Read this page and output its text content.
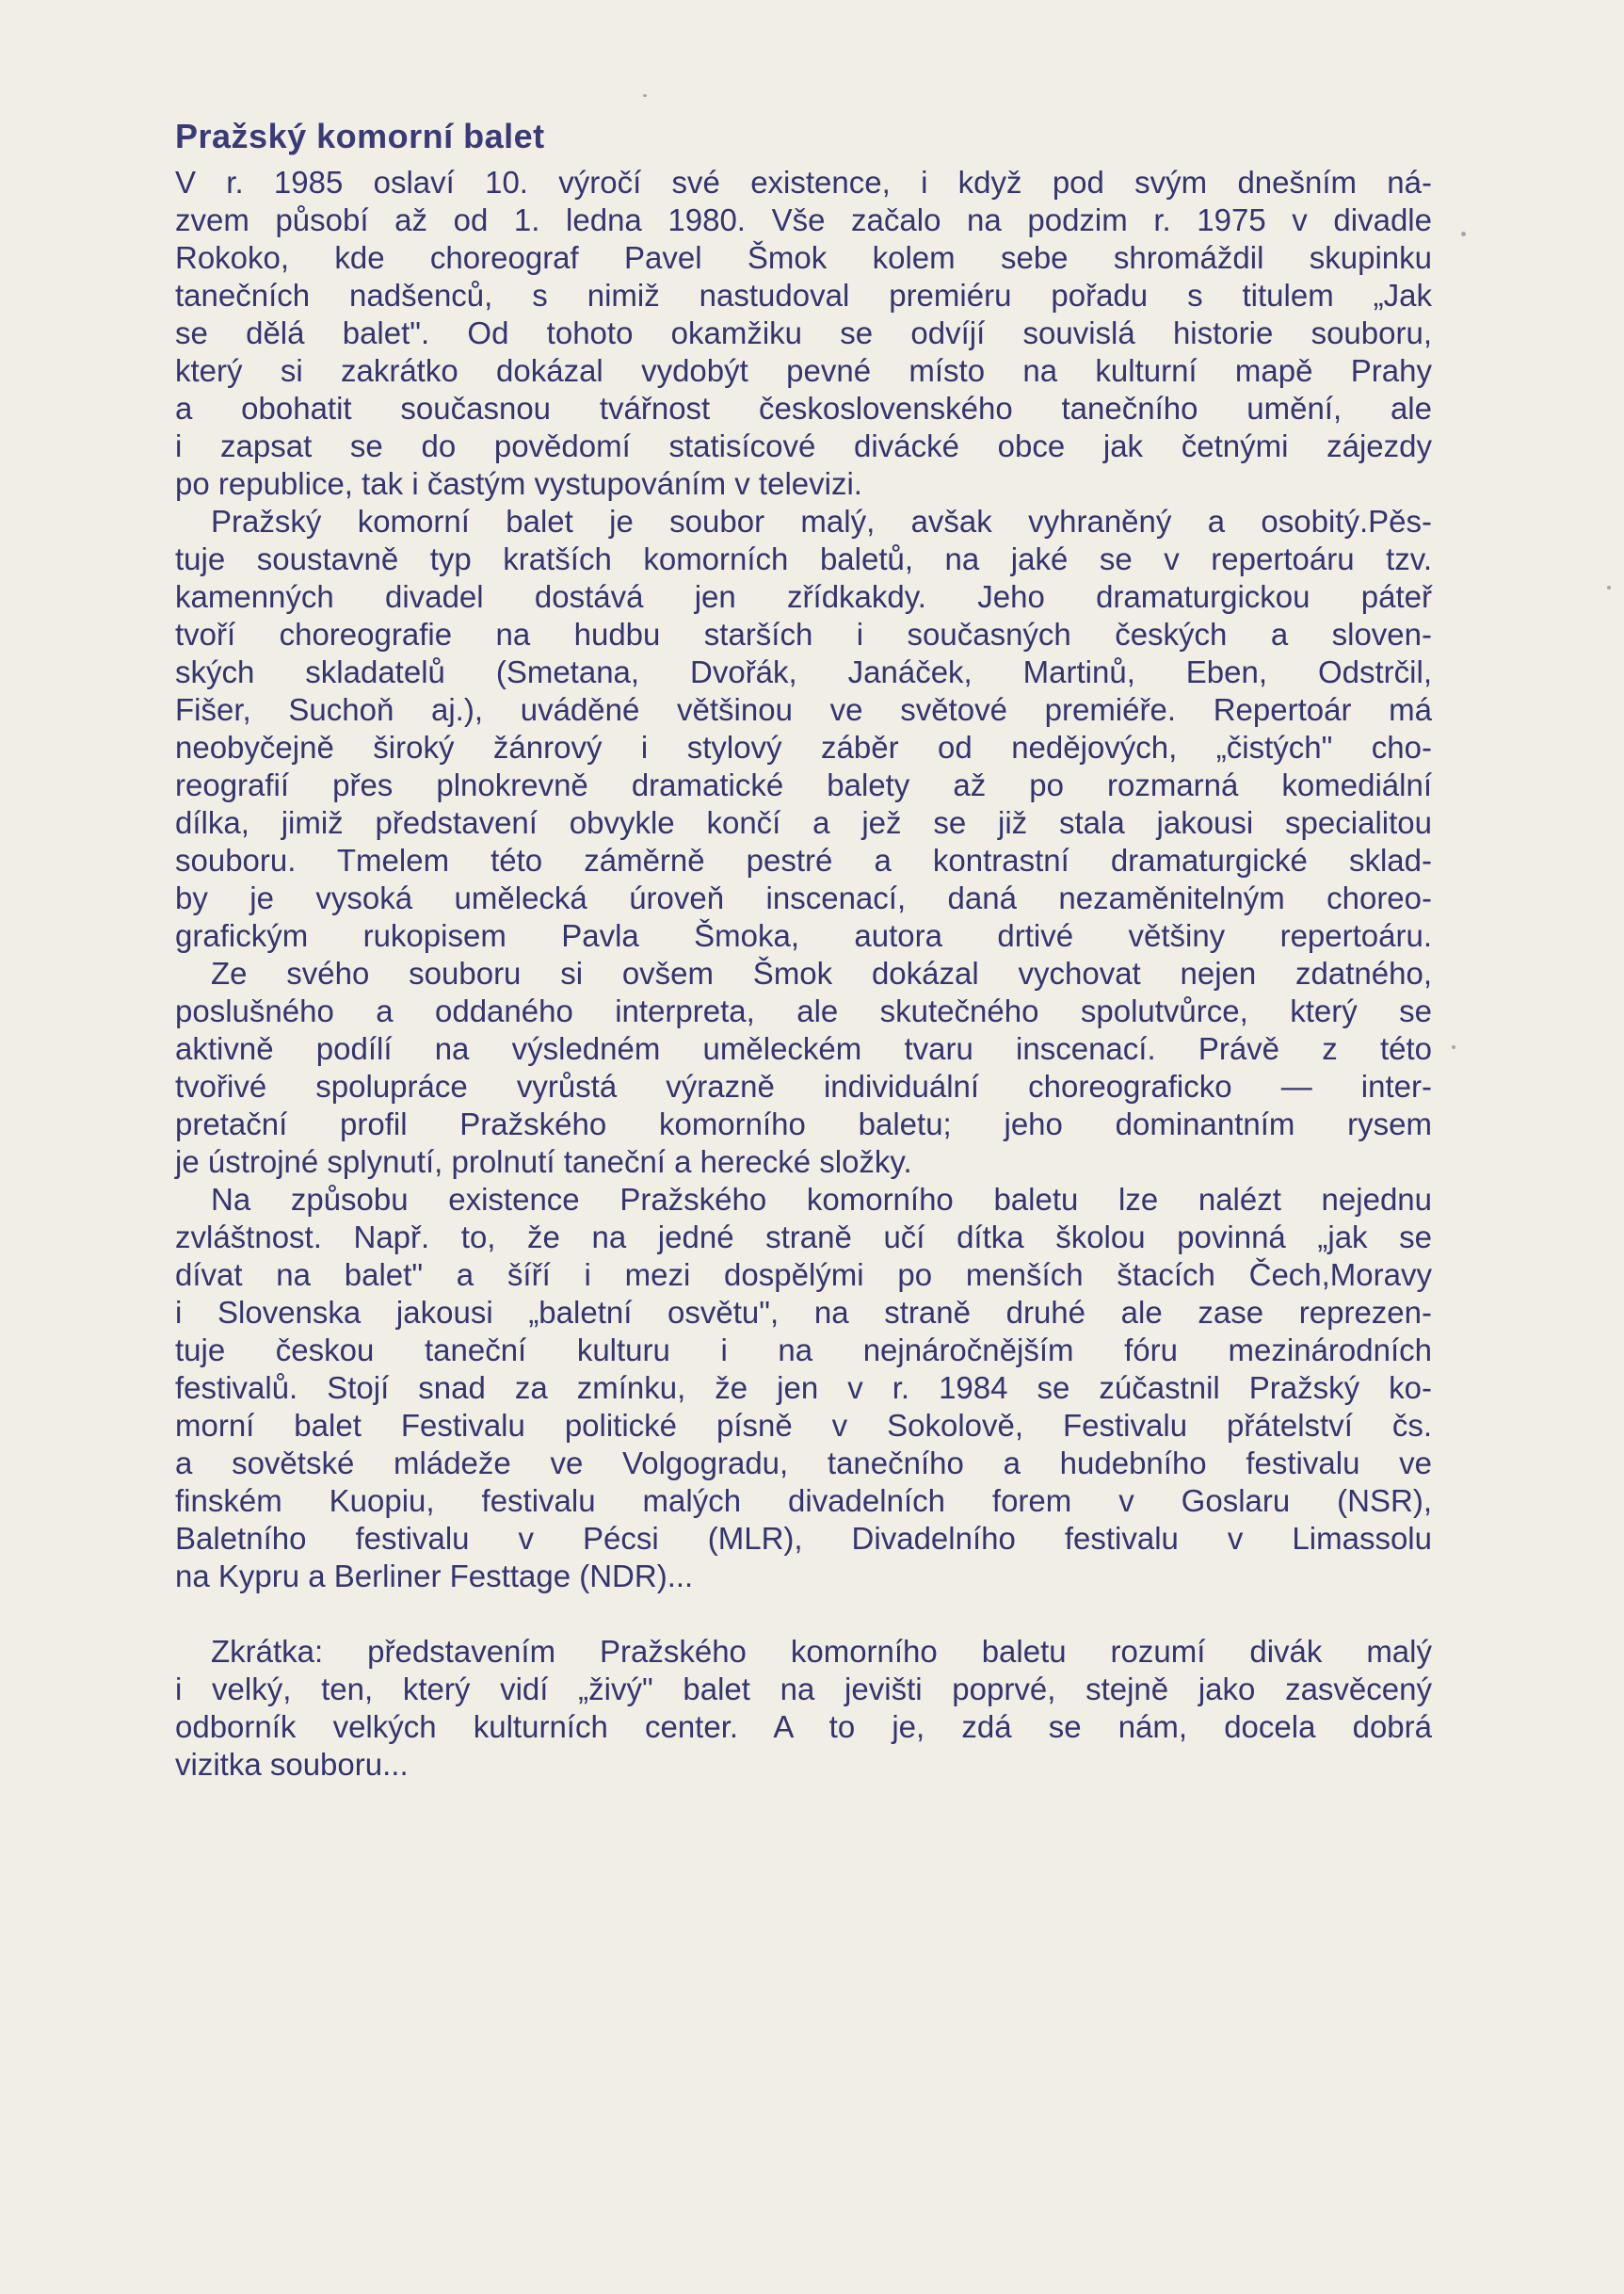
Pražský komorní balet
V r. 1985 oslaví 10. výročí své existence, i když pod svým dnešním ná-
zvem působí až od 1. ledna 1980. Vše začalo na podzim r. 1975 v divadle
Rokoko, kde choreograf Pavel Šmok kolem sebe shromáždil skupinku
tanečních nadšenců, s nimiž nastudoval premiéru pořadu s titulem „Jak
se dělá balet". Od tohoto okamžiku se odvíjí souvislá historie souboru,
který si zakrátko dokázal vydobýt pevné místo na kulturní mapě Prahy
a obohatit současnou tvářnost československého tanečního umění, ale
i zapsat se do povědomí statisícové divácké obce jak četnými zájezdy
po republice, tak i častým vystupováním v televizi.
Pražský komorní balet je soubor malý, avšak vyhraněný a osobitý.Pěs-
tuje soustavně typ kratších komorních baletů, na jaké se v repertoáru tzv.
kamenných divadel dostává jen zřídkakdy. Jeho dramaturgickou páteř
tvoří choreografie na hudbu starších i současných českých a sloven-
ských skladatelů (Smetana, Dvořák, Janáček, Martinů, Eben, Odstrčil,
Fišer, Suchoň aj.), uváděné většinou ve světové premiéře. Repertoár má
neobyčejně široký žánrový i stylový záběr od nedějových, „čistých" cho-
reografií přes plnokrevně dramatické balety až po rozmarná komediální
dílka, jimiž představení obvykle končí a jež se již stala jakousi specialitou
souboru. Tmelem této záměrně pestré a kontrastní dramaturgické sklad-
by je vysoká umělecká úroveň inscenací, daná nezaměnitelným choreo-
grafickým rukopisem Pavla Šmoka, autora drtivé většiny repertoáru.
Ze svého souboru si ovšem Šmok dokázal vychovat nejen zdatného,
poslušného a oddaného interpreta, ale skutečného spolutvůrce, který se
aktivně podílí na výsledném uměleckém tvaru inscenací. Právě z této
tvořivé spolupráce vyrůstá výrazně individuální choreograficko — inter-
pretační profil Pražského komorního baletu; jeho dominantním rysem
je ústrojné splynutí, prolnutí taneční a herecké složky.
Na způsobu existence Pražského komorního baletu lze nalézt nejednu
zvláštnost. Např. to, že na jedné straně učí dítka školou povinná „jak se
dívat na balet" a šíří i mezi dospělými po menších štacích Čech,Moravy
i Slovenska jakousi „baletní osvětu", na straně druhé ale zase reprezen-
tuje českou taneční kulturu i na nejnáročnějším fóru mezinárodních
festivalů. Stojí snad za zmínku, že jen v r. 1984 se zúčastnil Pražský ko-
morní balet Festivalu politické písně v Sokolově, Festivalu přátelství čs.
a sovětské mládeže ve Volgogradu, tanečního a hudebního festivalu ve
finském Kuopiu, festivalu malých divadelních forem v Goslaru (NSR),
Baletního festivalu v Pécsi (MLR), Divadelního festivalu v Limassolu
na Kypru a Berliner Festtage (NDR)...
Zkrátka: představením Pražského komorního baletu rozumí divák malý
i velký, ten, který vidí „živý" balet na jevišti poprvé, stejně jako zasvěcený
odborník velkých kulturních center. A to je, zdá se nám, docela dobrá
vizitka souboru...
